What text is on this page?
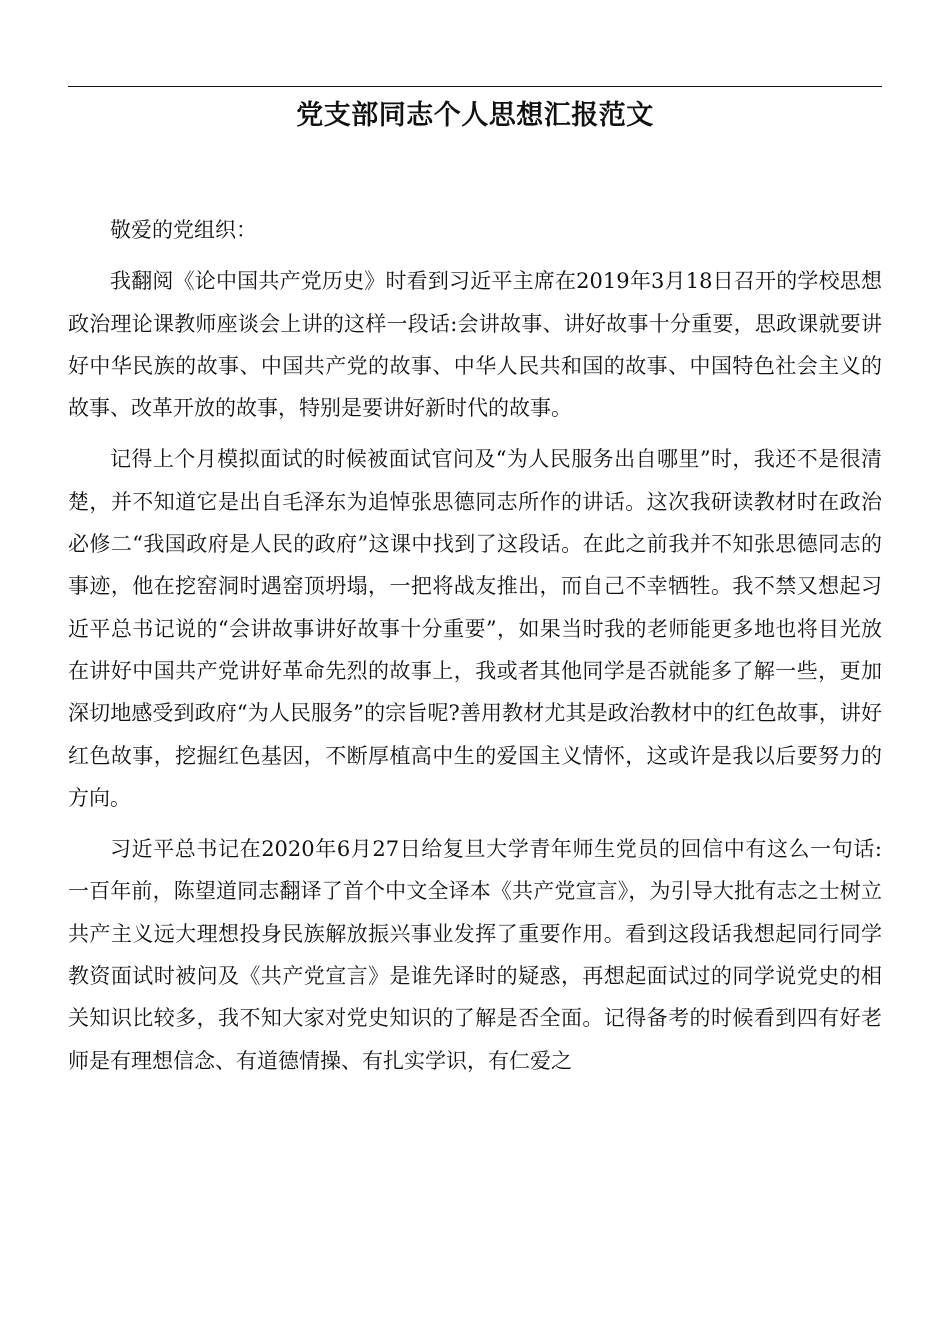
党支部同志个人思想汇报范文

敬爱的党组织：

我翻阅《论中国共产党历史》时看到习近平主席在2019年3月18日召开的学校思想政治理论课教师座谈会上讲的这样一段话:会讲故事、讲好故事十分重要，思政课就要讲好中华民族的故事、中国共产党的故事、中华人民共和国的故事、中国特色社会主义的故事、改革开放的故事，特别是要讲好新时代的故事。

记得上个月模拟面试的时候被面试官问及“为人民服务出自哪里”时，我还不是很清楚，并不知道它是出自毛泽东为追悼张思德同志所作的讲话。这次我研读教材时在政治必修二“我国政府是人民的政府”这课中找到了这段话。在此之前我并不知张思德同志的事迹，他在挖窑洞时遇窑顶坍塌，一把将战友推出，而自己不幸牺牲。我不禁又想起习近平总书记说的“会讲故事讲好故事十分重要”，如果当时我的老师能更多地也将目光放在讲好中国共产党讲好革命先烈的故事上，我或者其他同学是否就能多了解一些，更加深切地感受到政府“为人民服务”的宗旨呢?善用教材尤其是政治教材中的红色故事，讲好红色故事，挖掘红色基因，不断厚植高中生的爱国主义情怀，这或许是我以后要努力的方向。

习近平总书记在2020年6月27日给复旦大学青年师生党员的回信中有这么一句话:一百年前，陈望道同志翻译了首个中文全译本《共产党宣言》，为引导大批有志之士树立共产主义远大理想投身民族解放振兴事业发挥了重要作用。看到这段话我想起同行同学教资面试时被问及《共产党宣言》是谁先译时的疑惑，再想起面试过的同学说党史的相关知识比较多，我不知大家对党史知识的了解是否全面。记得备考的时候看到四有好老师是有理想信念、有道德情操、有扎实学识，有仁爱之
